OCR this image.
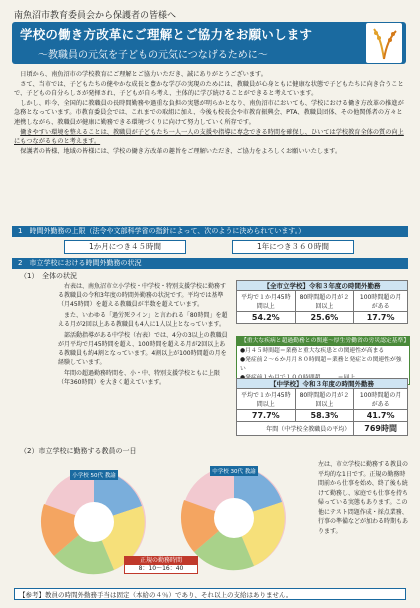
南魚沼市教育委員会から保護者の皆様へ
学校の働き方改革にご理解とご協力をお願いします
～教職員の元気を子どもの元気につなげるために～
日頃から、南魚沼市の学校教育にご理解とご協力いただき、誠にありがとうございます。
さて、当市では、子どもたちの健やかな成長と豊かな学びの実現のためには、教職員が心身ともに健康な状態で子どもたちに向き合うことで、子どもの自分らしさが発揮され、子どもが自ら考え、主体的に学び続けることができると考えています。
しかし、昨今、全国的に教職員の長時間勤務や過重な負担の実態が明らかとなり、南魚沼市においても、学校における働き方改革の推進が急務となっています。市教育委員会では、これまでの取組に加え、今後も校長会や市教育振興会、PTA、教職員団体、その他関係者の方々と連携しながら、教職員が健康に勤務できる環境づくりに向けて努力していく所存です。
働きやすい環境を整えることは、教職員が子どもたち一人一人の支援や指導に専念できる時間を確保し、ひいては学校教育全体の質の向上にもつながるものと考えます。
保護者の皆様、地域の皆様には、学校の働き方改革の趣旨をご理解いただき、ご協力をよろしくお願いいたします。
1　時間外勤務の上限（法令や文部科学省の指針によって、次のように決められています。）
1か月につき４５時間	1年につき３６０時間
2　市立学校における時間外勤務の状況
（1）　全体の状況
右表は、南魚沼市立小学校・中学校・特別支援学校に勤務する教職員の令和3年度の時間外勤務の状況です。平均では基準（月45時間）を超える教職員が半数を超えています。
また、いわゆる「過労死ライン」と言われる「80時間」を超える月が2回以上ある教職員も4人に1人以上となっています。
部活動指導がある中学校（右表）では、4分の3以上の教職員が月平均で月45時間を超え、100時間を超える月が2回以上ある教職員も約4割となっています。4割以上が100時間超の月を経験しています。
年間の超過勤務時間を、小・中、特別支援学校ともに上限（年360時間）を大きく超えています。
【全市立学校】令和３年度の時間外勤務
平均で１か月45時間以上	80時間超の月が２回以上	100時間超の月がある
54.2%	25.6%	17.7%
【重大な疾病と超過勤務との関連～厚生労働省の労災認定基準】
●月４５時間超＝業務と重大な疾患との関連性が高まる
●発症前２～６か月月８０時間超＝業務と発症との関連性が強い
【中学校】令和３年度の時間外勤務
平均で１か月45時間以上	80時間超の月が２回以上	100時間超の月がある
77.7%	58.3%	41.7%
年間（中学校全教職員の平均）		769時間
（2）市立学校に勤務する教員の一日
小学校 50代 教諭
中学校 30代 教諭
正規の勤務時間
8：10～16：40
左は、市立学校に勤務する教員の平均的な1日です。正規の勤務時間前から仕事を始め、終了後も続けて勤務し、家庭でも仕事を持ち帰っている実態もあります。この他にテスト問題作成・採点業務、行事の準備などが加わる時期もあります。
【参考】教員の時間外勤務手当は固定（本給の４％）であり、それ以上の支給はありません。
